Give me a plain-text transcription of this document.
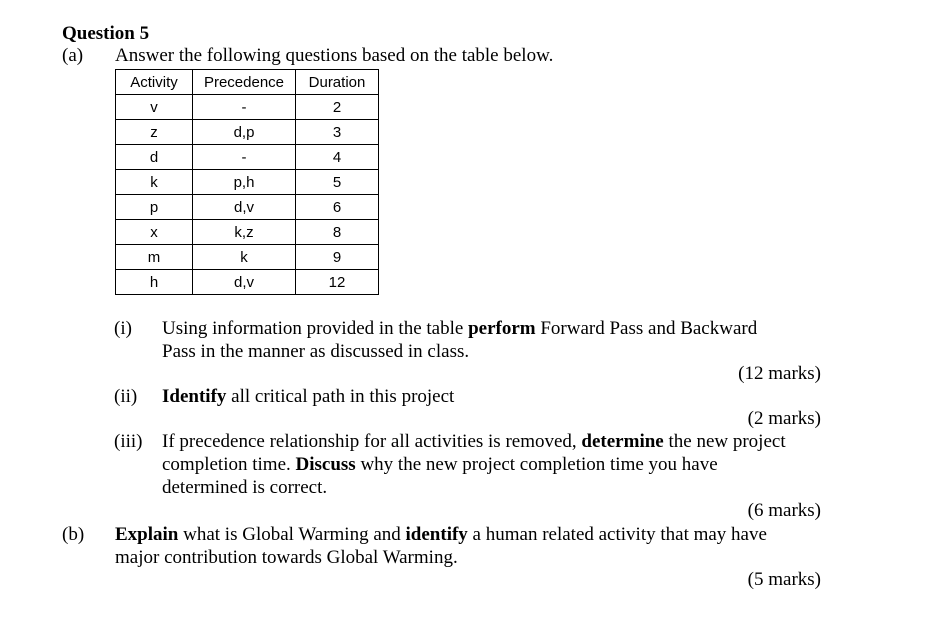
Question 5
(a) Answer the following questions based on the table below.
Activity	Precedence	Duration
v	-	2
z	d,p	3
d	-	4
k	p,h	5
p	d,v	6
x	k,z	8
m	k	9
h	d,v	12
(i) Using information provided in the table perform Forward Pass and Backward
Pass in the manner as discussed in class.
(12 marks)
(ii) Identify all critical path in this project
(2 marks)
(iii) If precedence relationship for all activities is removed, determine the new project
completion time. Discuss why the new project completion time you have
determined is correct.
(6 marks)
(b) Explain what is Global Warming and identify a human related activity that may have
major contribution towards Global Warming.
(5 marks)
